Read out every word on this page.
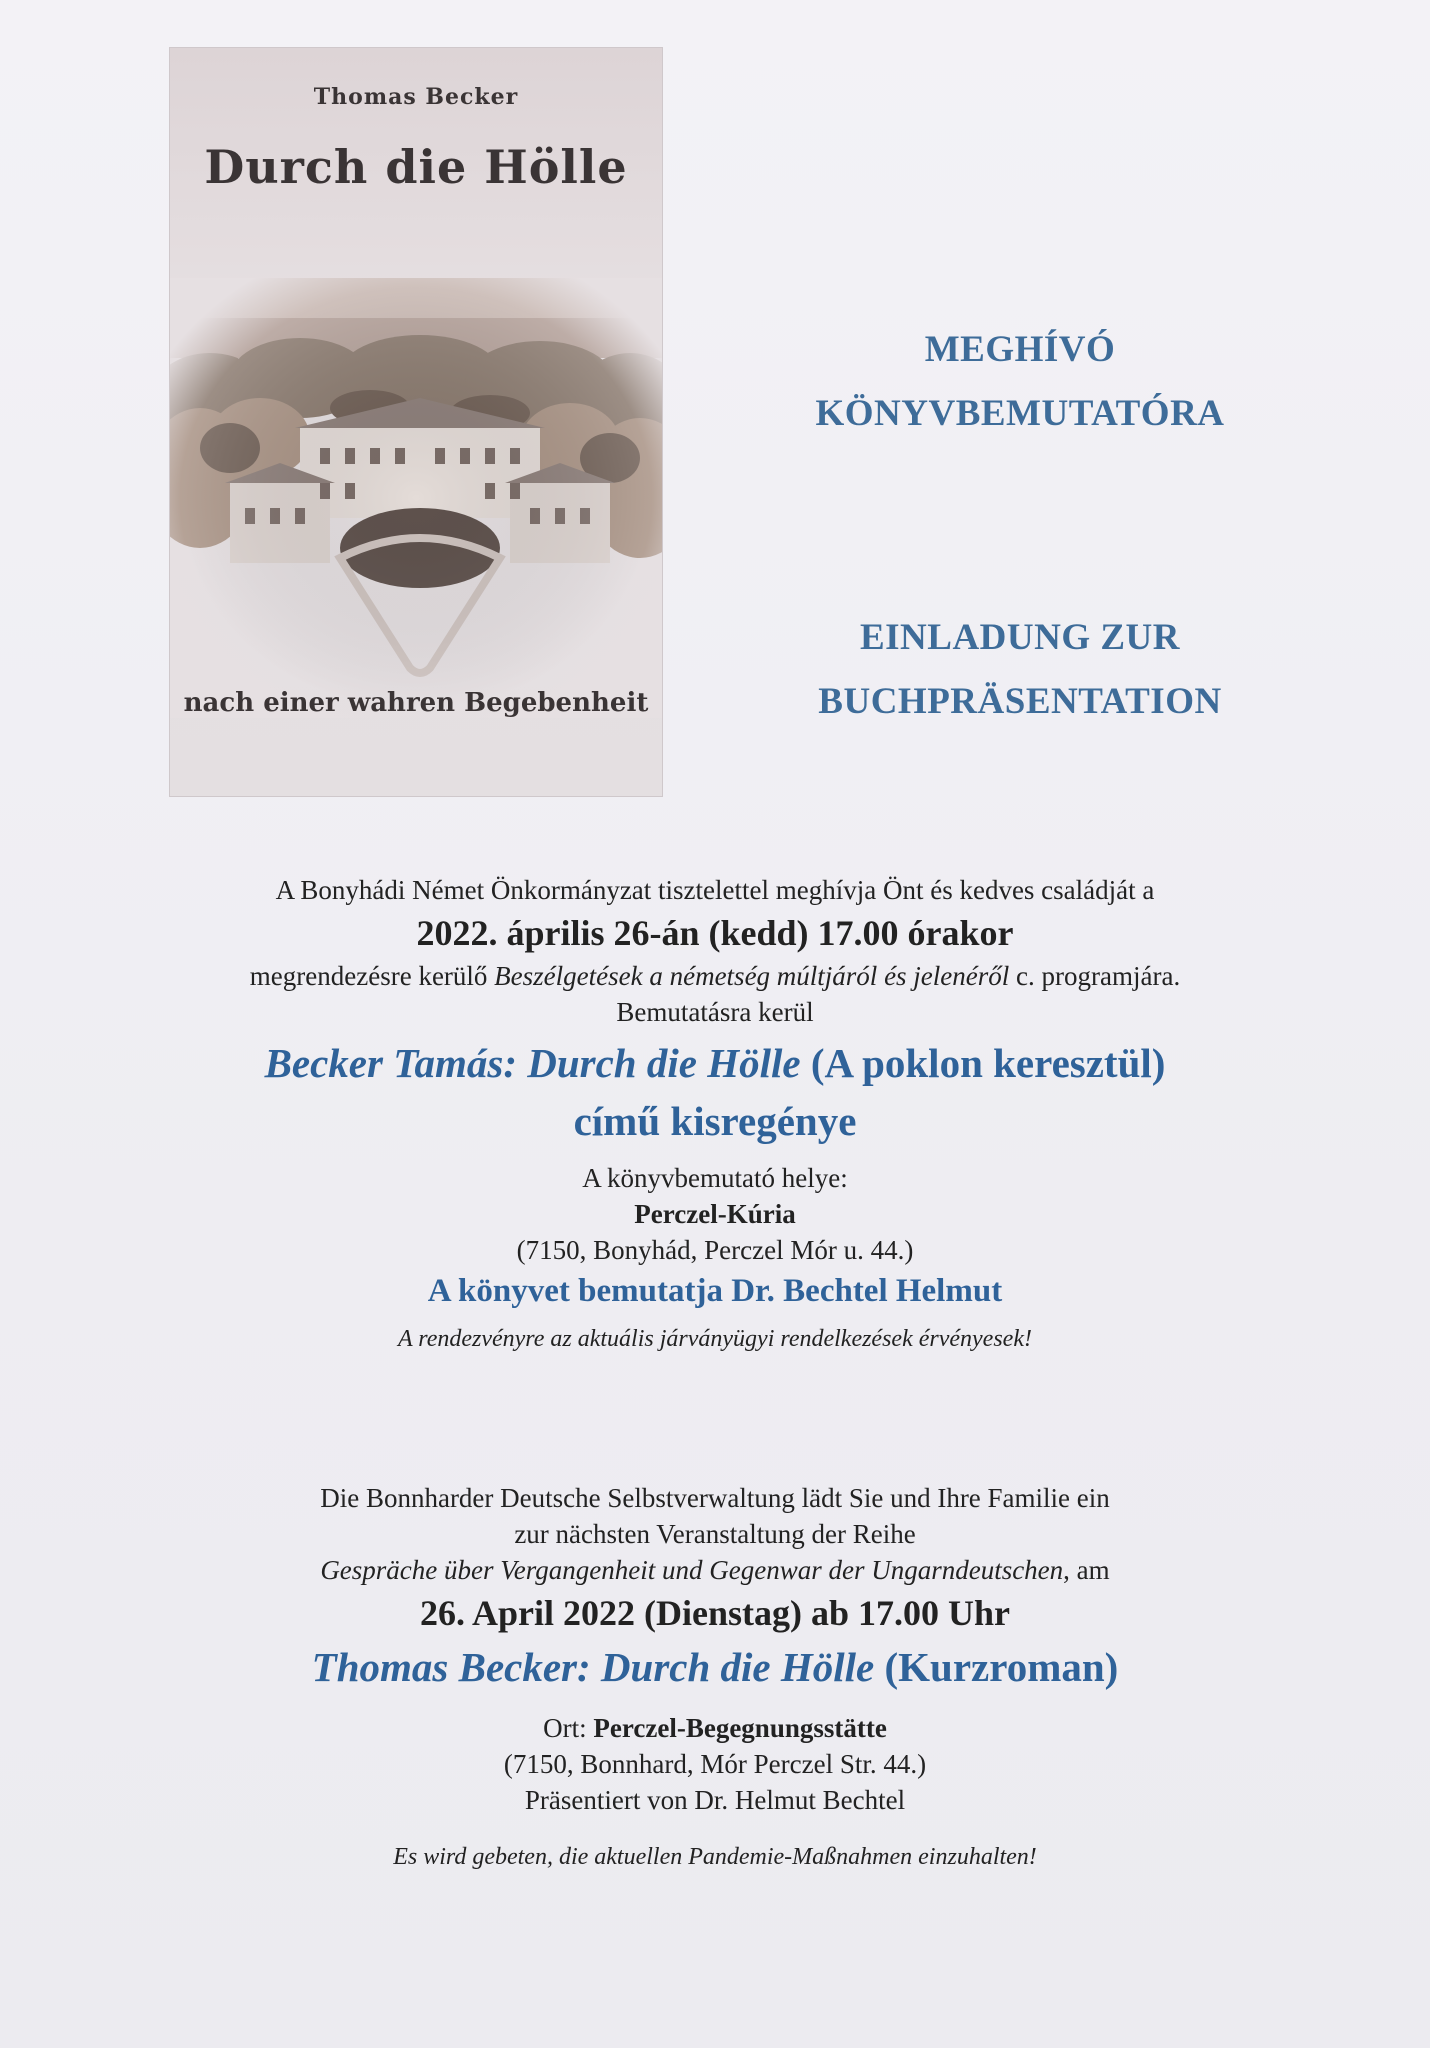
Thomas Becker
Durch die Hölle
nach einer wahren Begebenheit
MEGHÍVÓ
KÖNYVBEMUTATÓRA
EINLADUNG ZUR
BUCHPRÄSENTATION
A Bonyhádi Német Önkormányzat tisztelettel meghívja Önt és kedves családját a
2022. április 26-án (kedd) 17.00 órakor
megrendezésre kerülő Beszélgetések a németség múltjáról és jelenéről c. programjára.
Bemutatásra kerül
Becker Tamás: Durch die Hölle (A poklon keresztül)
című kisregénye
A könyvbemutató helye:
Perczel-Kúria
(7150, Bonyhád, Perczel Mór u. 44.)
A könyvet bemutatja Dr. Bechtel Helmut
A rendezvényre az aktuális járványügyi rendelkezések érvényesek!
Die Bonnharder Deutsche Selbstverwaltung lädt Sie und Ihre Familie ein
zur nächsten Veranstaltung der Reihe
Gespräche über Vergangenheit und Gegenwar der Ungarndeutschen, am
26. April 2022 (Dienstag) ab 17.00 Uhr
Thomas Becker: Durch die Hölle (Kurzroman)
Ort: Perczel-Begegnungsstätte
(7150, Bonnhard, Mór Perczel Str. 44.)
Präsentiert von Dr. Helmut Bechtel
Es wird gebeten, die aktuellen Pandemie-Maßnahmen einzuhalten!
